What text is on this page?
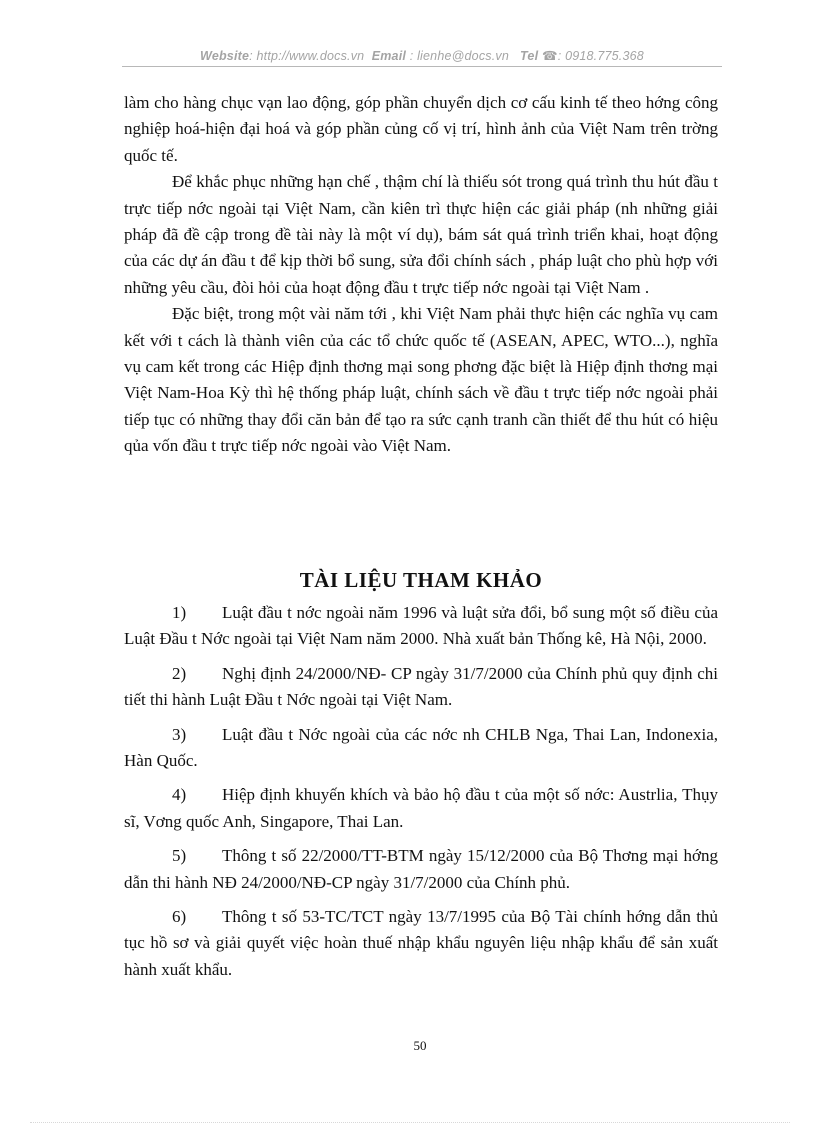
Website: http://www.docs.vn Email : lienhe@docs.vn Tel ☎: 0918.775.368

làm cho hàng chục vạn lao động, góp phần chuyển dịch cơ cấu kinh tế theo hớng công nghiệp hoá-hiện đại hoá và góp phần củng cố vị trí, hình ảnh của Việt Nam trên trờng quốc tế.

Để khắc phục những hạn chế , thậm chí là thiếu sót trong quá trình thu hút đầu t trực tiếp nớc ngoài tại Việt Nam, cần kiên trì thực hiện các giải pháp (nh những giải pháp đã đề cập trong đề tài này là một ví dụ), bám sát quá trình triển khai, hoạt động của các dự án đầu t để kịp thời bổ sung, sửa đổi chính sách , pháp luật cho phù hợp với những yêu cầu, đòi hỏi của hoạt động đầu t trực tiếp nớc ngoài tại Việt Nam .

Đặc biệt, trong một vài năm tới , khi Việt Nam phải thực hiện các nghĩa vụ cam kết với t cách là thành viên của các tổ chức quốc tế (ASEAN, APEC, WTO...), nghĩa vụ cam kết trong các Hiệp định thơng mại song phơng đặc biệt là Hiệp định thơng mại Việt Nam-Hoa Kỳ thì hệ thống pháp luật, chính sách về đầu t trực tiếp nớc ngoài phải tiếp tục có những thay đổi căn bản để tạo ra sức cạnh tranh cần thiết để thu hút có hiệu qủa vốn đầu t trực tiếp nớc ngoài vào Việt Nam.

TÀI LIỆU THAM KHẢO

1) Luật đầu t nớc ngoài năm 1996 và luật sửa đổi, bổ sung một số điều của Luật Đầu t Nớc ngoài tại Việt Nam năm 2000. Nhà xuất bản Thống kê, Hà Nội, 2000.

2) Nghị định 24/2000/NĐ- CP ngày 31/7/2000 của Chính phủ quy định chi tiết thi hành Luật Đầu t Nớc ngoài tại Việt Nam.

3) Luật đầu t Nớc ngoài của các nớc nh CHLB Nga, Thai Lan, Indonexia, Hàn Quốc.

4) Hiệp định khuyến khích và bảo hộ đầu t của một số nớc: Austrlia, Thụy sĩ, Vơng quốc Anh, Singapore, Thai Lan.

5) Thông t số 22/2000/TT-BTM ngày 15/12/2000 của Bộ Thơng mại hớng dẫn thi hành NĐ 24/2000/NĐ-CP ngày 31/7/2000 của Chính phủ.

6) Thông t số 53-TC/TCT ngày 13/7/1995 của Bộ Tài chính hớng dẫn thủ tục hồ sơ và giải quyết việc hoàn thuế nhập khẩu nguyên liệu nhập khẩu để sản xuất hành xuất khẩu.

50
